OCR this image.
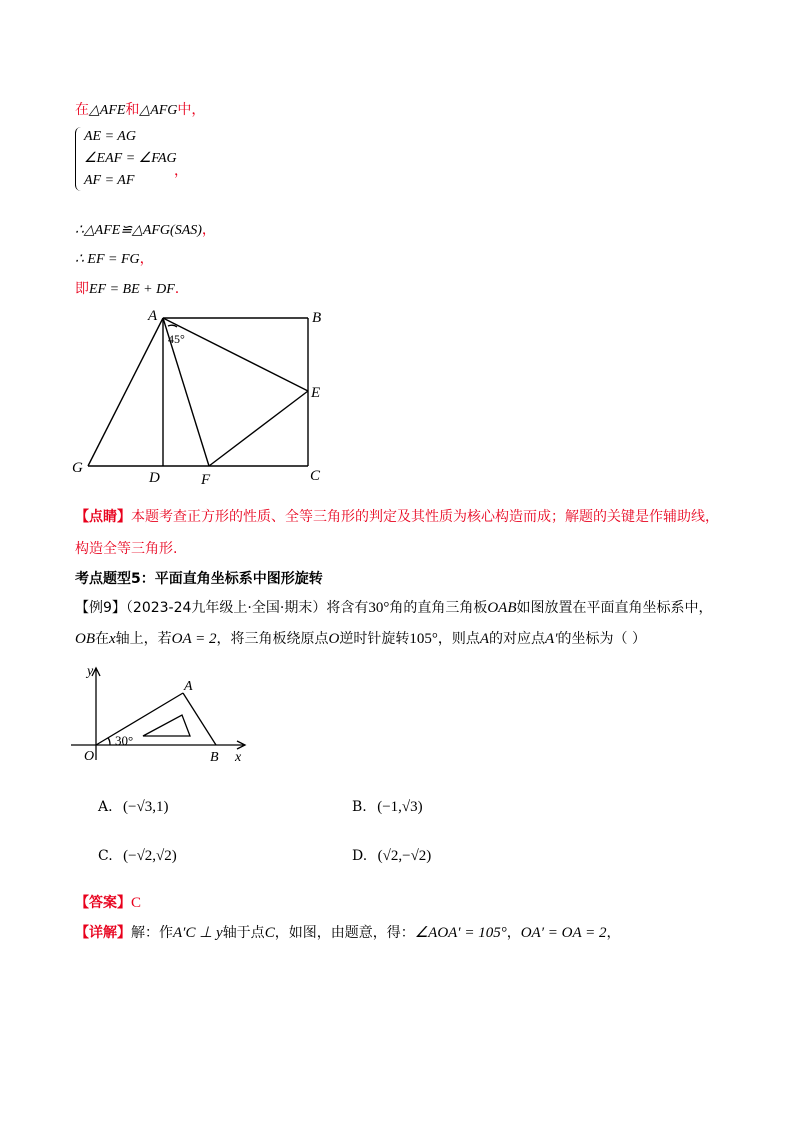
在△AFE和△AFG中，
AE = AG
∠EAF = ∠FAG
AF = AF
，
∴△AFE≌△AFG(SAS)，
∴ EF = FG，
即EF = BE + DF.
A	B
E
C
G
D	F
45°
【点睛】本题考查正方形的性质、全等三角形的判定及其性质为核心构造而成；解题的关键是作辅助线，
构造全等三角形.
考点题型5：平面直角坐标系中图形旋转
【例9】（2023-24九年级上·全国·期末）将含有30°角的直角三角板OAB如图放置在平面直角坐标系中，
OB在x轴上，若OA = 2，将三角板绕原点O逆时针旋转105°，则点A的对应点A′的坐标为（ ）
y
A
O	B x
30°
A. (−√3,1)	B. (−1,√3)
C. (−√2,√2)	D. (√2,−√2)
【答案】C
【详解】解：作A′C ⊥ y轴于点C，如图，由题意，得：∠AOA′ = 105°，OA′ = OA = 2，
